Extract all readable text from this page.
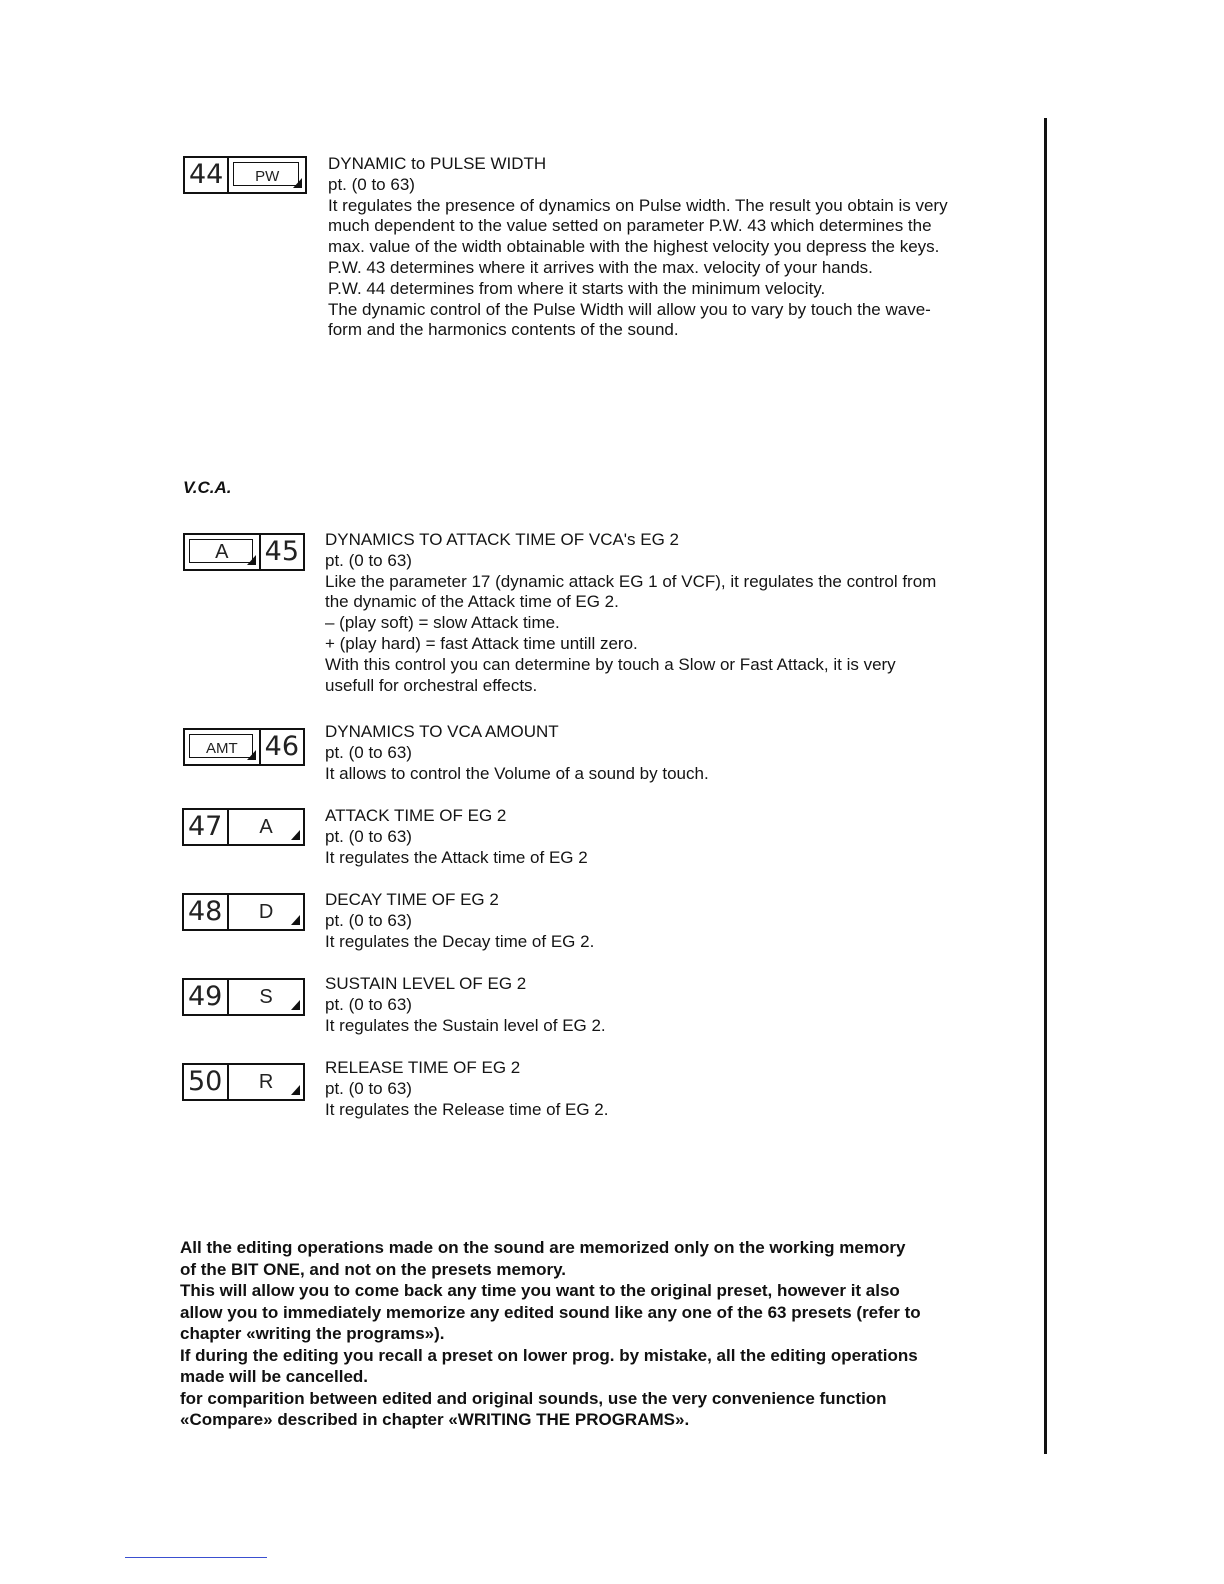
44	PW
DYNAMIC to PULSE WIDTH
pt. (0 to 63)
It regulates the presence of dynamics on Pulse width. The result you obtain is very
much dependent to the value setted on parameter P.W. 43 which determines the
max. value of the width obtainable with the highest velocity you depress the keys.
P.W. 43 determines where it arrives with the max. velocity of your hands.
P.W. 44 determines from where it starts with the minimum velocity.
The dynamic control of the Pulse Width will allow you to vary by touch the wave-
form and the harmonics contents of the sound.
V.C.A.
A	45 DYNAMICS TO ATTACK TIME OF VCA's EG 2
pt. (0 to 63)
Like the parameter 17 (dynamic attack EG 1 of VCF), it regulates the control from
the dynamic of the Attack time of EG 2.
– (play soft) = slow Attack time.
+ (play hard) = fast Attack time untill zero.
With this control you can determine by touch a Slow or Fast Attack, it is very
usefull for orchestral effects.
AMT 46 DYNAMICS TO VCA AMOUNT
pt. (0 to 63)
It allows to control the Volume of a sound by touch.
47	A
ATTACK TIME OF EG 2
pt. (0 to 63)
It regulates the Attack time of EG 2
48	D
DECAY TIME OF EG 2
pt. (0 to 63)
It regulates the Decay time of EG 2.
49	S
SUSTAIN LEVEL OF EG 2
pt. (0 to 63)
It regulates the Sustain level of EG 2.
50	R
RELEASE TIME OF EG 2
pt. (0 to 63)
It regulates the Release time of EG 2.
All the editing operations made on the sound are memorized only on the working memory
of the BIT ONE, and not on the presets memory.
This will allow you to come back any time you want to the original preset, however it also
allow you to immediately memorize any edited sound like any one of the 63 presets (refer to
chapter «writing the programs»).
If during the editing you recall a preset on lower prog. by mistake, all the editing operations
made will be cancelled.
for comparition between edited and original sounds, use the very convenience function
«Compare» described in chapter «WRITING THE PROGRAMS».
